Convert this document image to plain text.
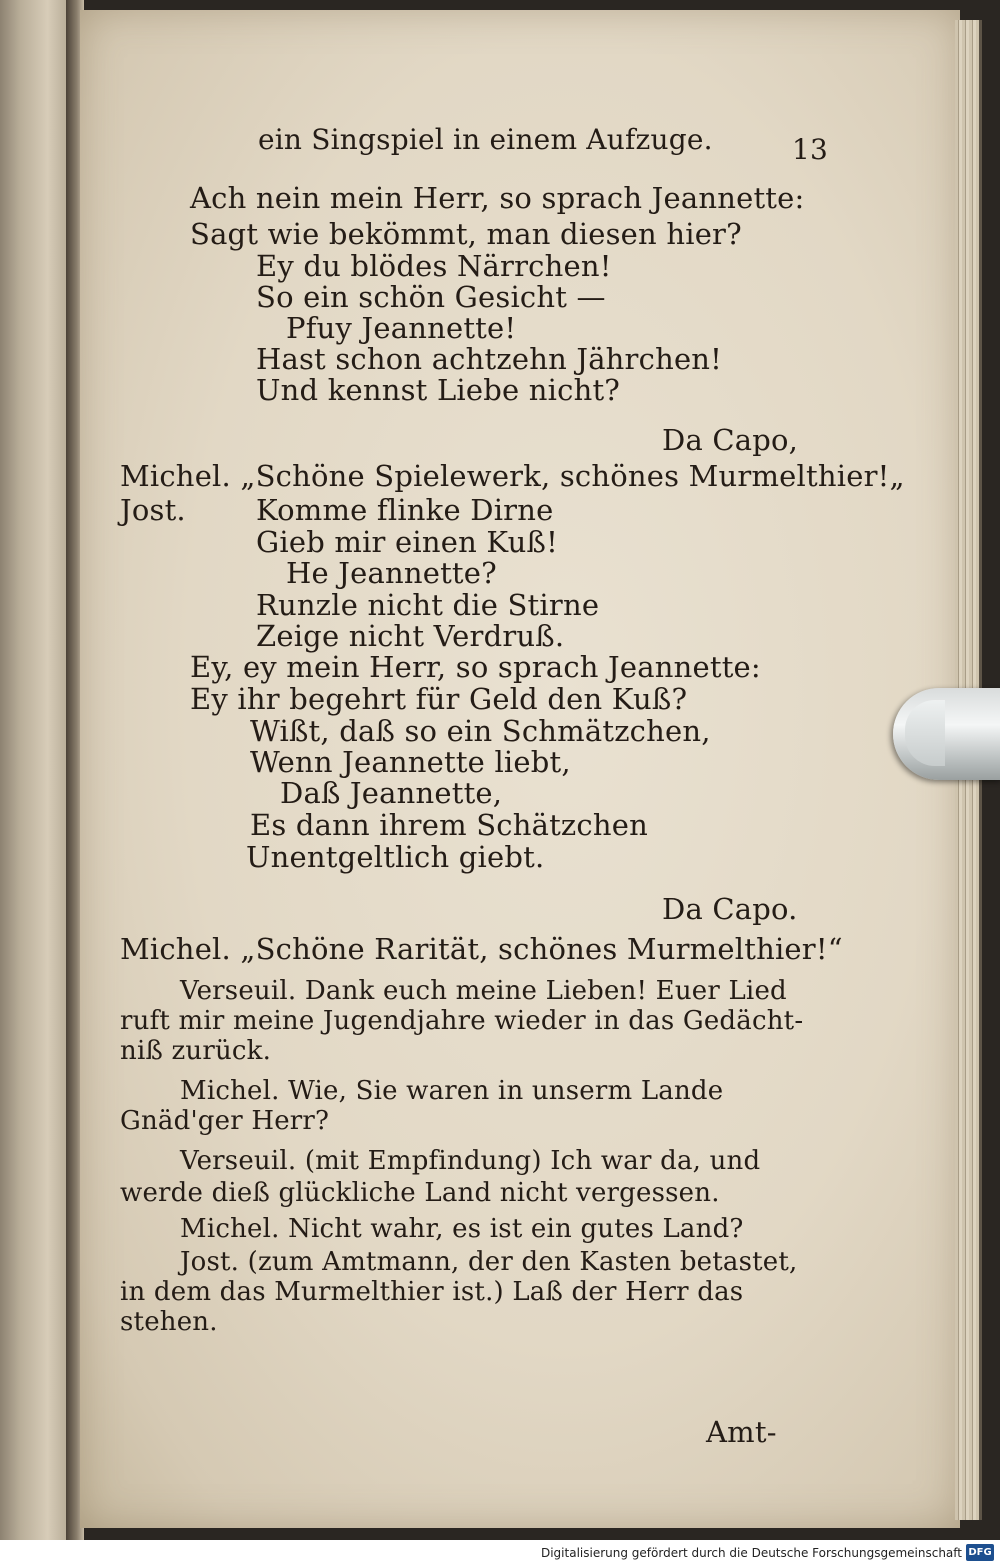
ein Singspiel in einem Aufzuge.	13
Ach nein mein Herr, so sprach Jeannette:
Sagt wie bekömmt, man diesen hier?
Ey du blödes Närrchen!
So ein schön Gesicht —
Pfuy Jeannette!
Hast schon achtzehn Jährchen!
Und kennst Liebe nicht?
Da Capo,
Michel. „Schöne Spielewerk, schönes Murmelthier!„
Jost. Komme flinke Dirne
Gieb mir einen Kuß!
He Jeannette?
Runzle nicht die Stirne
Zeige nicht Verdruß.
Ey, ey mein Herr, so sprach Jeannette:
Ey ihr begehrt für Geld den Kuß?
Wißt, daß so ein Schmätzchen,
Wenn Jeannette liebt,
Daß Jeannette,
Es dann ihrem Schätzchen
Unentgeltlich giebt.
Da Capo.
Michel. „Schöne Rarität, schönes Murmelthier!“
Verseuil. Dank euch meine Lieben! Euer Lied
ruft mir meine Jugendjahre wieder in das Gedächt-
niß zurück.
Michel. Wie, Sie waren in unserm Lande
Gnäd'ger Herr?
Verseuil. (mit Empfindung) Ich war da, und
werde dieß glückliche Land nicht vergessen.
Michel. Nicht wahr, es ist ein gutes Land?
Jost. (zum Amtmann, der den Kasten betastet,
in dem das Murmelthier ist.) Laß der Herr das
stehen.
Amt-
Digitalisierung gefördert durch die Deutsche Forschungsgemeinschaft DFG
